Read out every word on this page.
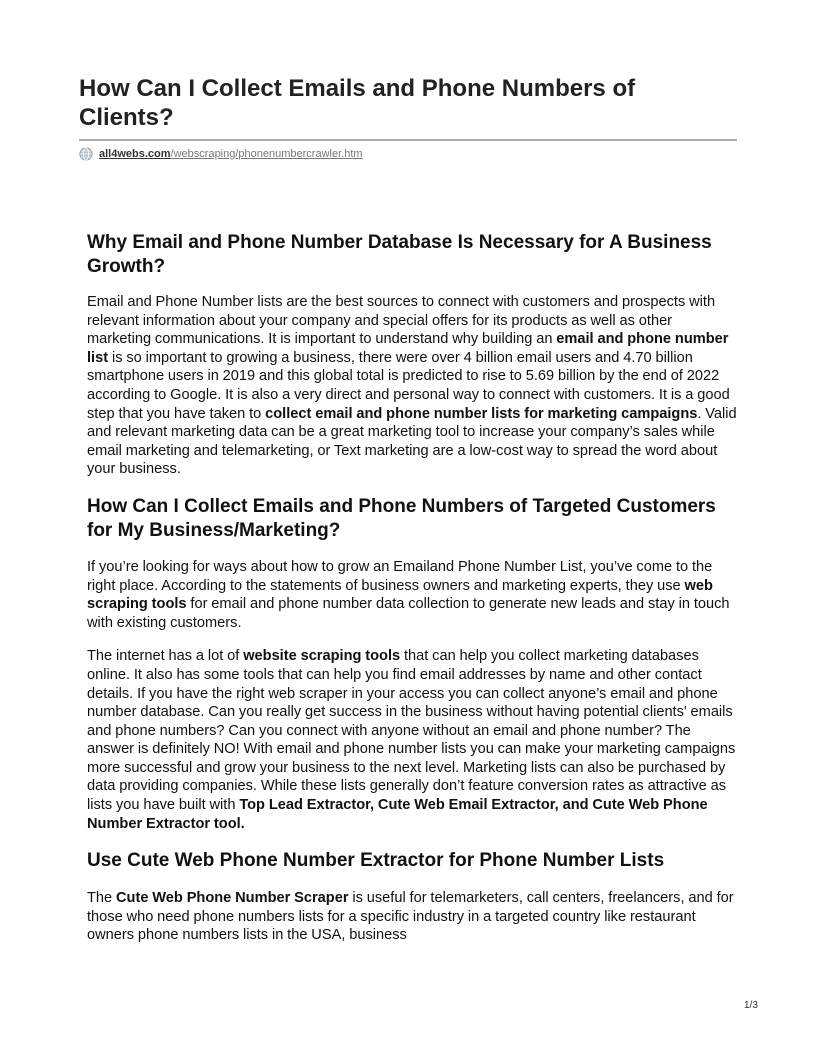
How Can I Collect Emails and Phone Numbers of Clients?
all4webs.com /webscraping/phonenumbercrawler.htm
Why Email and Phone Number Database Is Necessary for A Business Growth?

Email and Phone Number lists are the best sources to connect with customers and prospects with relevant information about your company and special offers for its products as well as other marketing communications. It is important to understand why building an email and phone number list is so important to growing a business, there were over 4 billion email users and 4.70 billion smartphone users in 2019 and this global total is predicted to rise to 5.69 billion by the end of 2022 according to Google. It is also a very direct and personal way to connect with customers. It is a good step that you have taken to collect email and phone number lists for marketing campaigns. Valid and relevant marketing data can be a great marketing tool to increase your company’s sales while email marketing and telemarketing, or Text marketing are a low-cost way to spread the word about your business.

How Can I Collect Emails and Phone Numbers of Targeted Customers for My Business/Marketing?

If you’re looking for ways about how to grow an Emailand Phone Number List, you’ve come to the right place. According to the statements of business owners and marketing experts, they use web scraping tools for email and phone number data collection to generate new leads and stay in touch with existing customers.

The internet has a lot of website scraping tools that can help you collect marketing databases online. It also has some tools that can help you find email addresses by name and other contact details. If you have the right web scraper in your access you can collect anyone’s email and phone number database. Can you really get success in the business without having potential clients' emails and phone numbers? Can you connect with anyone without an email and phone number? The answer is definitely NO! With email and phone number lists you can make your marketing campaigns more successful and grow your business to the next level. Marketing lists can also be purchased by data providing companies. While these lists generally don’t feature conversion rates as attractive as lists you have built with Top Lead Extractor, Cute Web Email Extractor, and Cute Web Phone Number Extractor tool.

Use Cute Web Phone Number Extractor for Phone Number Lists

The Cute Web Phone Number Scraper is useful for telemarketers, call centers, freelancers, and for those who need phone numbers lists for a specific industry in a targeted country like restaurant owners phone numbers lists in the USA, business

1/3
